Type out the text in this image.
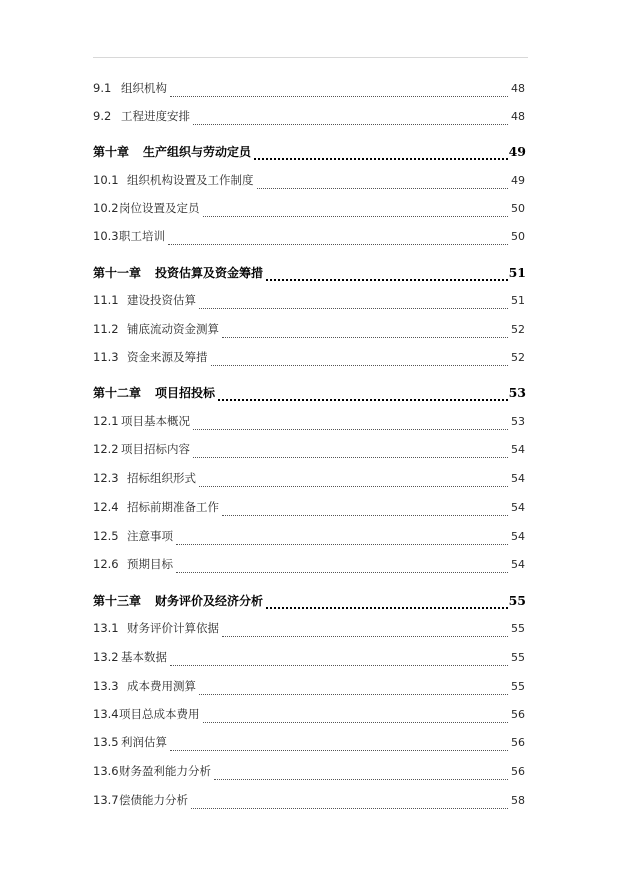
9.1 组织机构	48
9.2 工程进度安排	48
第十章 生产组织与劳动定员	49
10.1 组织机构设置及工作制度	49
10.2 岗位设置及定员	50
10.3 职工培训	50
第十一章 投资估算及资金筹措	51
11.1 建设投资估算	51
11.2 铺底流动资金测算	52
11.3 资金来源及筹措	52
第十二章 项目招投标	53
12.1 项目基本概况	53
12.2 项目招标内容	54
12.3 招标组织形式	54
12.4 招标前期准备工作	54
12.5 注意事项	54
12.6 预期目标	54
第十三章 财务评价及经济分析	55
13.1 财务评价计算依据	55
13.2 基本数据	55
13.3 成本费用测算	55
13.4 项目总成本费用	56
13.5 利润估算	56
13.6 财务盈利能力分析	56
13.7 偿债能力分析	58
